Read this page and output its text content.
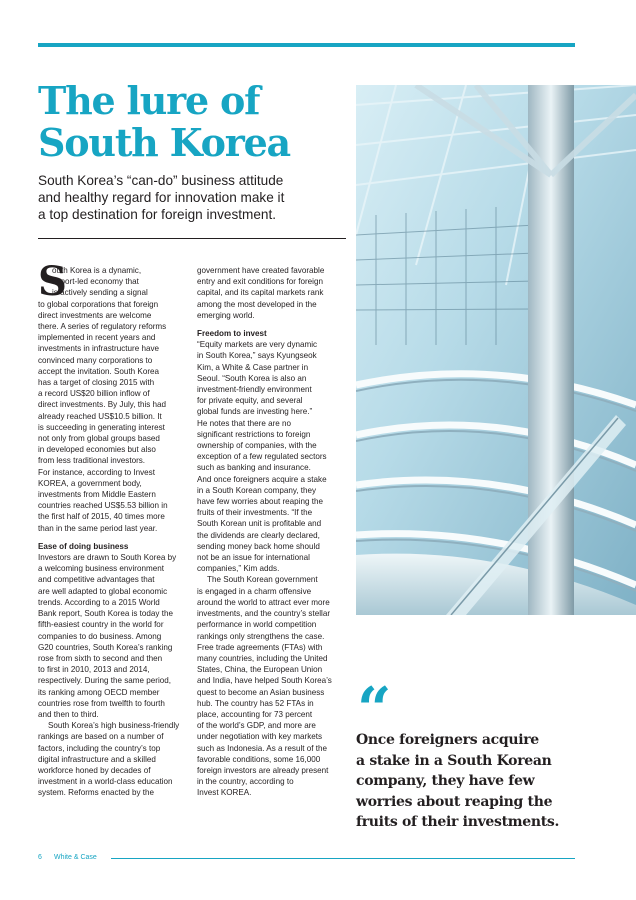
The lure of
South Korea
South Korea’s “can-do” business attitude
and healthy regard for innovation make it
a top destination for foreign investment.
S
outh Korea is a dynamic,
export-led economy that
is actively sending a signal
to global corporations that foreign
direct investments are welcome
there. A series of regulatory reforms
implemented in recent years and
investments in infrastructure have
convinced many corporations to
accept the invitation. South Korea
has a target of closing 2015 with
a record US$20 billion inflow of
direct investments. By July, this had
already reached US$10.5 billion. It
is succeeding in generating interest
not only from global groups based
in developed economies but also
from less traditional investors.
For instance, according to Invest
KOREA, a government body,
investments from Middle Eastern
countries reached US$5.53 billion in
the first half of 2015, 40 times more
than in the same period last year.
Ease of doing business
Investors are drawn to South Korea by
a welcoming business environment
and competitive advantages that
are well adapted to global economic
trends. According to a 2015 World
Bank report, South Korea is today the
fifth-easiest country in the world for
companies to do business. Among
G20 countries, South Korea’s ranking
rose from sixth to second and then
to first in 2010, 2013 and 2014,
respectively. During the same period,
its ranking among OECD member
countries rose from twelfth to fourth
and then to third.
South Korea’s high business-friendly
rankings are based on a number of
factors, including the country’s top
digital infrastructure and a skilled
workforce honed by decades of
investment in a world-class education
system. Reforms enacted by the
government have created favorable
entry and exit conditions for foreign
capital, and its capital markets rank
among the most developed in the
emerging world.
Freedom to invest
“Equity markets are very dynamic
in South Korea,” says Kyungseok
Kim, a White & Case partner in
Seoul. “South Korea is also an
investment-friendly environment
for private equity, and several
global funds are investing here.”
He notes that there are no
significant restrictions to foreign
ownership of companies, with the
exception of a few regulated sectors
such as banking and insurance.
And once foreigners acquire a stake
in a South Korean company, they
have few worries about reaping the
fruits of their investments. “If the
South Korean unit is profitable and
the dividends are clearly declared,
sending money back home should
not be an issue for international
companies,” Kim adds.
The South Korean government
is engaged in a charm offensive
around the world to attract ever more
investments, and the country’s stellar
performance in world competition
rankings only strengthens the case.
Free trade agreements (FTAs) with
many countries, including the United
States, China, the European Union
and India, have helped South Korea’s
quest to become an Asian business
hub. The country has 52 FTAs in
place, accounting for 73 percent
of the world’s GDP, and more are
under negotiation with key markets
such as Indonesia. As a result of the
favorable conditions, some 16,000
foreign investors are already present
in the country, according to
Invest KOREA.
“
Once foreigners acquire
a stake in a South Korean
company, they have few
worries about reaping the
fruits of their investments.
6 White & Case
